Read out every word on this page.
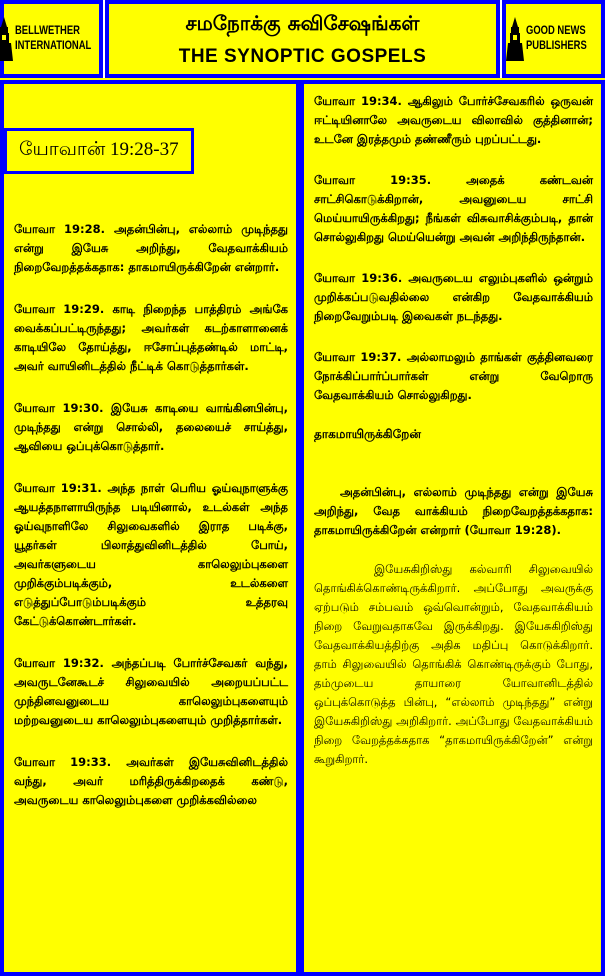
BELLWETHER
INTERNATIONAL
சமநோக்கு சுவிசேஷங்கள்
THE SYNOPTIC GOSPELS
GOOD NEWS
PUBLISHERS
யோவான் 19:28-37

யோவா 19:28. அதன்பின்பு, எல்லாம் முடிந்தது என்று இயேசு அறிந்து, வேதவாக்கியம் நிறைவேறத்தக்கதாக: தாகமாயிருக்கிறேன் என்றார்.

யோவா 19:29. காடி நிறைந்த பாத்திரம் அங்கே வைக்கப்பட்டிருந்தது; அவர்கள் கடற்காளானைக் காடியிலே தோய்த்து, ஈசோப்புத்தண்டில் மாட்டி, அவர் வாயினிடத்தில் நீட்டிக் கொடுத்தார்கள்.

யோவா 19:30. இயேசு காடியை வாங்கினபின்பு, முடிந்தது என்று சொல்லி, தலையைச் சாய்த்து, ஆவியை ஒப்புக்கொடுத்தார்.

யோவா 19:31. அந்த நாள் பெரிய ஓய்வுநாளுக்கு ஆயத்தநாளாயிருந்த படியினால், உடல்கள் அந்த ஓய்வுநாளிலே சிலுவைகளில் இராத படிக்கு, யூதர்கள் பிலாத்துவினிடத்தில் போய், அவர்களுடைய காலெலும்புகளை முறிக்கும்படிக்கும், உடல்களை எடுத்துப்போடும்படிக்கும் உத்தரவு கேட்டுக்கொண்டார்கள்.

யோவா 19:32. அந்தப்படி போர்ச்சேவகர் வந்து, அவருடனேகூடச் சிலுவையில் அறையப்பட்ட முந்தினவனுடைய காலெலும்புகளையும் மற்றவனுடைய காலெலும்புகளையும் முறித்தார்கள்.

யோவா 19:33. அவர்கள் இயேசுவினிடத்தில் வந்து, அவர் மரித்திருக்கிறதைக் கண்டு, அவருடைய காலெலும்புகளை முறிக்கவில்லை

யோவா 19:34. ஆகிலும் போர்ச்சேவகரில் ஒருவன் ஈட்டியினாலே அவருடைய விலாவில் குத்தினான்; உடனே இரத்தமும் தண்ணீரும் புறப்பட்டது.

யோவா 19:35. அதைக் கண்டவன் சாட்சிகொடுக்கிறான், அவனுடைய சாட்சி மெய்யாயிருக்கிறது; நீங்கள் விசுவாசிக்கும்படி, தான் சொல்லுகிறது மெய்யென்று அவன் அறிந்திருந்தான்.

யோவா 19:36. அவருடைய எலும்புகளில் ஒன்றும் முறிக்கப்படுவதில்லை என்கிற வேதவாக்கியம் நிறைவேறும்படி இவைகள் நடந்தது.

யோவா 19:37. அல்லாமலும் தாங்கள் குத்தினவரை நோக்கிப்பார்ப்பார்கள் என்று வேறொரு வேதவாக்கியம் சொல்லுகிறது.

தாகமாயிருக்கிறேன்

அதன்பின்பு, எல்லாம் முடிந்தது என்று இயேசு அறிந்து, வேத வாக்கியம் நிறைவேறத்தக்கதாக: தாகமாயிருக்கிறேன் என்றார் (யோவா 19:28).

இயேசுகிறிஸ்து கல்வாரி சிலுவையில் தொங்கிக்கொண்டிருக்கிறார். அப்போது அவருக்கு ஏற்படும் சம்பவம் ஒவ்வொன்றும், வேதவாக்கியம் நிறை வேறுவதாகவே இருக்கிறது. இயேசுகிறிஸ்து வேதவாக்கியத்திற்கு அதிக மதிப்பு கொடுக்கிறார். தாம் சிலுவையில் தொங்கிக் கொண்டிருக்கும் போது, தம்முடைய தாயாரை யோவானிடத்தில் ஒப்புக்கொடுத்த பின்பு, “எல்லாம் முடிந்தது” என்று இயேசுகிறிஸ்து அறிகிறார். அப்போது வேதவாக்கியம் நிறை வேறத்தக்கதாக “தாகமாயிருக்கிறேன்” என்று கூறுகிறார்.
